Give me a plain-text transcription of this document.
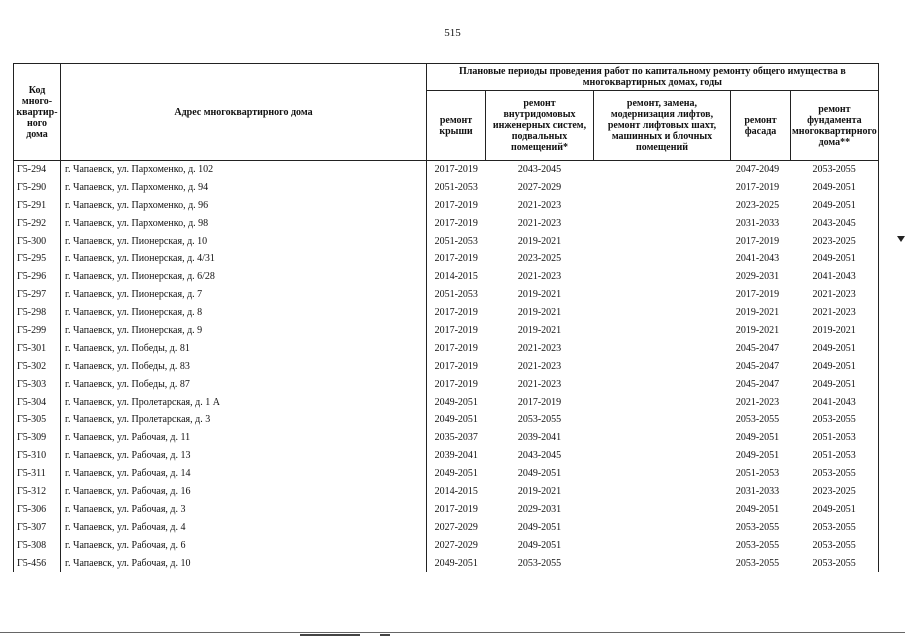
515
Код много-квартир-ного дома	Адрес многоквартирного дома	Плановые периоды проведения работ по капитальному ремонту общего имущества в многоквартирных домах, годы					
		ремонт крыши	ремонт внутридомовых инженерных систем, подвальных помещений*	ремонт, замена, модернизация лифтов, ремонт лифтовых шахт, машинных и блочных помещений	ремонт фасада		ремонт фундамента многоквартирного дома**
Г5-294	г. Чапаевск, ул. Пархоменко, д. 102	2017-2019	2043-2045		2047-2049		2053-2055
Г5-290	г. Чапаевск, ул. Пархоменко, д. 94	2051-2053	2027-2029		2017-2019		2049-2051
Г5-291	г. Чапаевск, ул. Пархоменко, д. 96	2017-2019	2021-2023		2023-2025		2049-2051
Г5-292	г. Чапаевск, ул. Пархоменко, д. 98	2017-2019	2021-2023		2031-2033		2043-2045
Г5-300	г. Чапаевск, ул. Пионерская, д. 10	2051-2053	2019-2021		2017-2019		2023-2025
Г5-295	г. Чапаевск, ул. Пионерская, д. 4/31	2017-2019	2023-2025		2041-2043		2049-2051
Г5-296	г. Чапаевск, ул. Пионерская, д. 6/28	2014-2015	2021-2023		2029-2031		2041-2043
Г5-297	г. Чапаевск, ул. Пионерская, д. 7	2051-2053	2019-2021		2017-2019		2021-2023
Г5-298	г. Чапаевск, ул. Пионерская, д. 8	2017-2019	2019-2021		2019-2021		2021-2023
Г5-299	г. Чапаевск, ул. Пионерская, д. 9	2017-2019	2019-2021		2019-2021		2019-2021
Г5-301	г. Чапаевск, ул. Победы, д. 81	2017-2019	2021-2023		2045-2047		2049-2051
Г5-302	г. Чапаевск, ул. Победы, д. 83	2017-2019	2021-2023		2045-2047		2049-2051
Г5-303	г. Чапаевск, ул. Победы, д. 87	2017-2019	2021-2023		2045-2047		2049-2051
Г5-304	г. Чапаевск, ул. Пролетарская, д. 1 А	2049-2051	2017-2019		2021-2023		2041-2043
Г5-305	г. Чапаевск, ул. Пролетарская, д. 3	2049-2051	2053-2055		2053-2055		2053-2055
Г5-309	г. Чапаевск, ул. Рабочая, д. 11	2035-2037	2039-2041		2049-2051		2051-2053
Г5-310	г. Чапаевск, ул. Рабочая, д. 13	2039-2041	2043-2045		2049-2051		2051-2053
Г5-311	г. Чапаевск, ул. Рабочая, д. 14	2049-2051	2049-2051		2051-2053		2053-2055
Г5-312	г. Чапаевск, ул. Рабочая, д. 16	2014-2015	2019-2021		2031-2033		2023-2025
Г5-306	г. Чапаевск, ул. Рабочая, д. 3	2017-2019	2029-2031		2049-2051		2049-2051
Г5-307	г. Чапаевск, ул. Рабочая, д. 4	2027-2029	2049-2051		2053-2055		2053-2055
Г5-308	г. Чапаевск, ул. Рабочая, д. 6	2027-2029	2049-2051		2053-2055		2053-2055
Г5-456	г. Чапаевск, ул. Рабочая, д. 10	2049-2051	2053-2055		2053-2055		2053-2055
